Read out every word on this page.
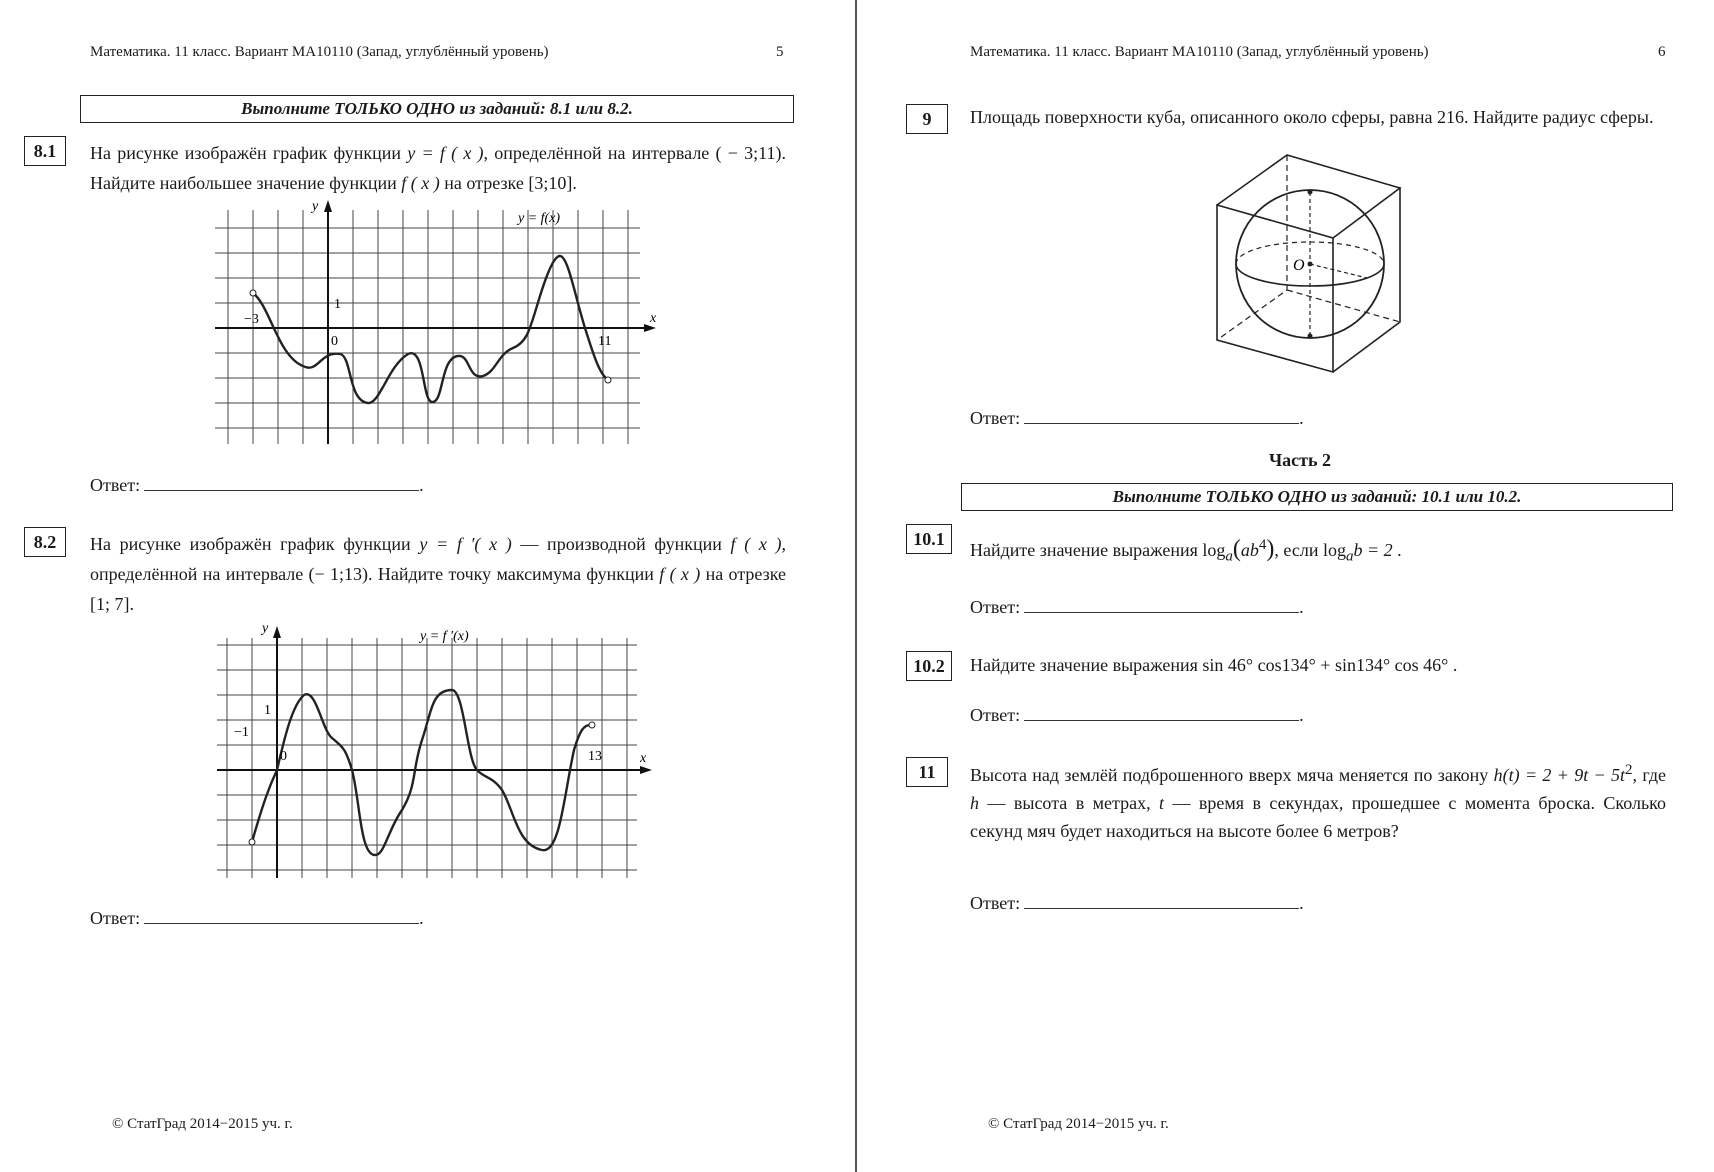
Математика. 11 класс. Вариант МА10110 (Запад, углублённый уровень)	5
Выполните ТОЛЬКО ОДНО из заданий: 8.1 или 8.2.
8.1	На рисунке изображён график функции y = f ( x ), определённой на интервале ( − 3;11). Найдите наибольшее значение функции f ( x ) на отрезке [3;10].
y
x
y = f(x)
−3
0
1
11
Ответ:	.
8.2	На рисунке изображён график функции y = f ′( x ) — производной функции f ( x ), определённой на интервале (− 1;13). Найдите точку максимума функции f ( x ) на отрезке [1; 7].
y
x
y = f ′(x)
−1
0
1
13
Ответ:	.
© СтатГрад 2014−2015 уч. г.
Математика. 11 класс. Вариант МА10110 (Запад, углублённый уровень)	6
9	Площадь поверхности куба, описанного около сферы, равна 216. Найдите радиус сферы.
O
Ответ:	.
Часть 2
Выполните ТОЛЬКО ОДНО из заданий: 10.1 или 10.2.
10.1
Найдите значение выражения $\log_a(ab^4)$, если $\log_ab = 2$ .
Ответ:	.
10.2	Найдите значение выражения sin 46° cos134° + sin134° cos 46° .
Ответ:	.
11	Высота над землёй подброшенного вверх мяча меняется по закону $h(t) = 2 + 9t - 5t^2$, где h — высота в метрах, t — время в секундах, прошедшее с момента броска. Сколько секунд мяч будет находиться на высоте более 6 метров?
Ответ:	.
© СтатГрад 2014−2015 уч. г.
